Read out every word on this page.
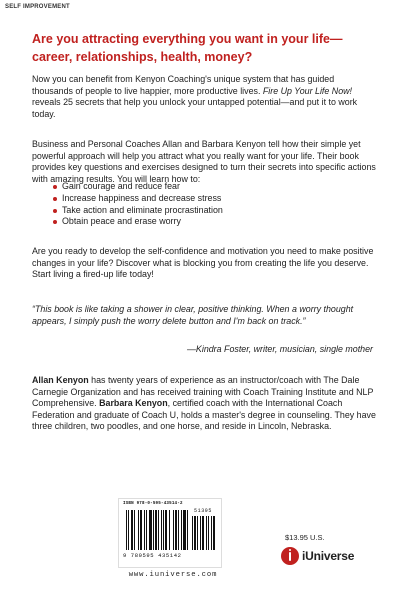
SELF IMPROVEMENT
Are you attracting everything you want in your life—career, relationships, health, money?
Now you can benefit from Kenyon Coaching's unique system that has guided thousands of people to live happier, more productive lives. Fire Up Your Life Now! reveals 25 secrets that help you unlock your untapped potential—and put it to work today.
Business and Personal Coaches Allan and Barbara Kenyon tell how their simple yet powerful approach will help you attract what you really want for your life. Their book provides key questions and exercises designed to turn their secrets into specific actions with amazing results. You will learn how to:
Gain courage and reduce fear
Increase happiness and decrease stress
Take action and eliminate procrastination
Obtain peace and erase worry
Are you ready to develop the self-confidence and motivation you need to make positive changes in your life? Discover what is blocking you from creating the life you deserve. Start living a fired-up life today!
“This book is like taking a shower in clear, positive thinking. When a worry thought appears, I simply push the worry delete button and I'm back on track.”
—Kindra Foster, writer, musician, single mother
Allan Kenyon has twenty years of experience as an instructor/coach with The Dale Carnegie Organization and has received training with Coach Training Institute and NLP Comprehensive. Barbara Kenyon, certified coach with the International Coach Federation and graduate of Coach U, holds a master's degree in counseling. They have three children, two poodles, and one horse, and reside in Lincoln, Nebraska.
ISBN 978-0-595-43514-2
51395
9 780595 435142
www.iuniverse.com
$13.95 U.S.
iUniverse
